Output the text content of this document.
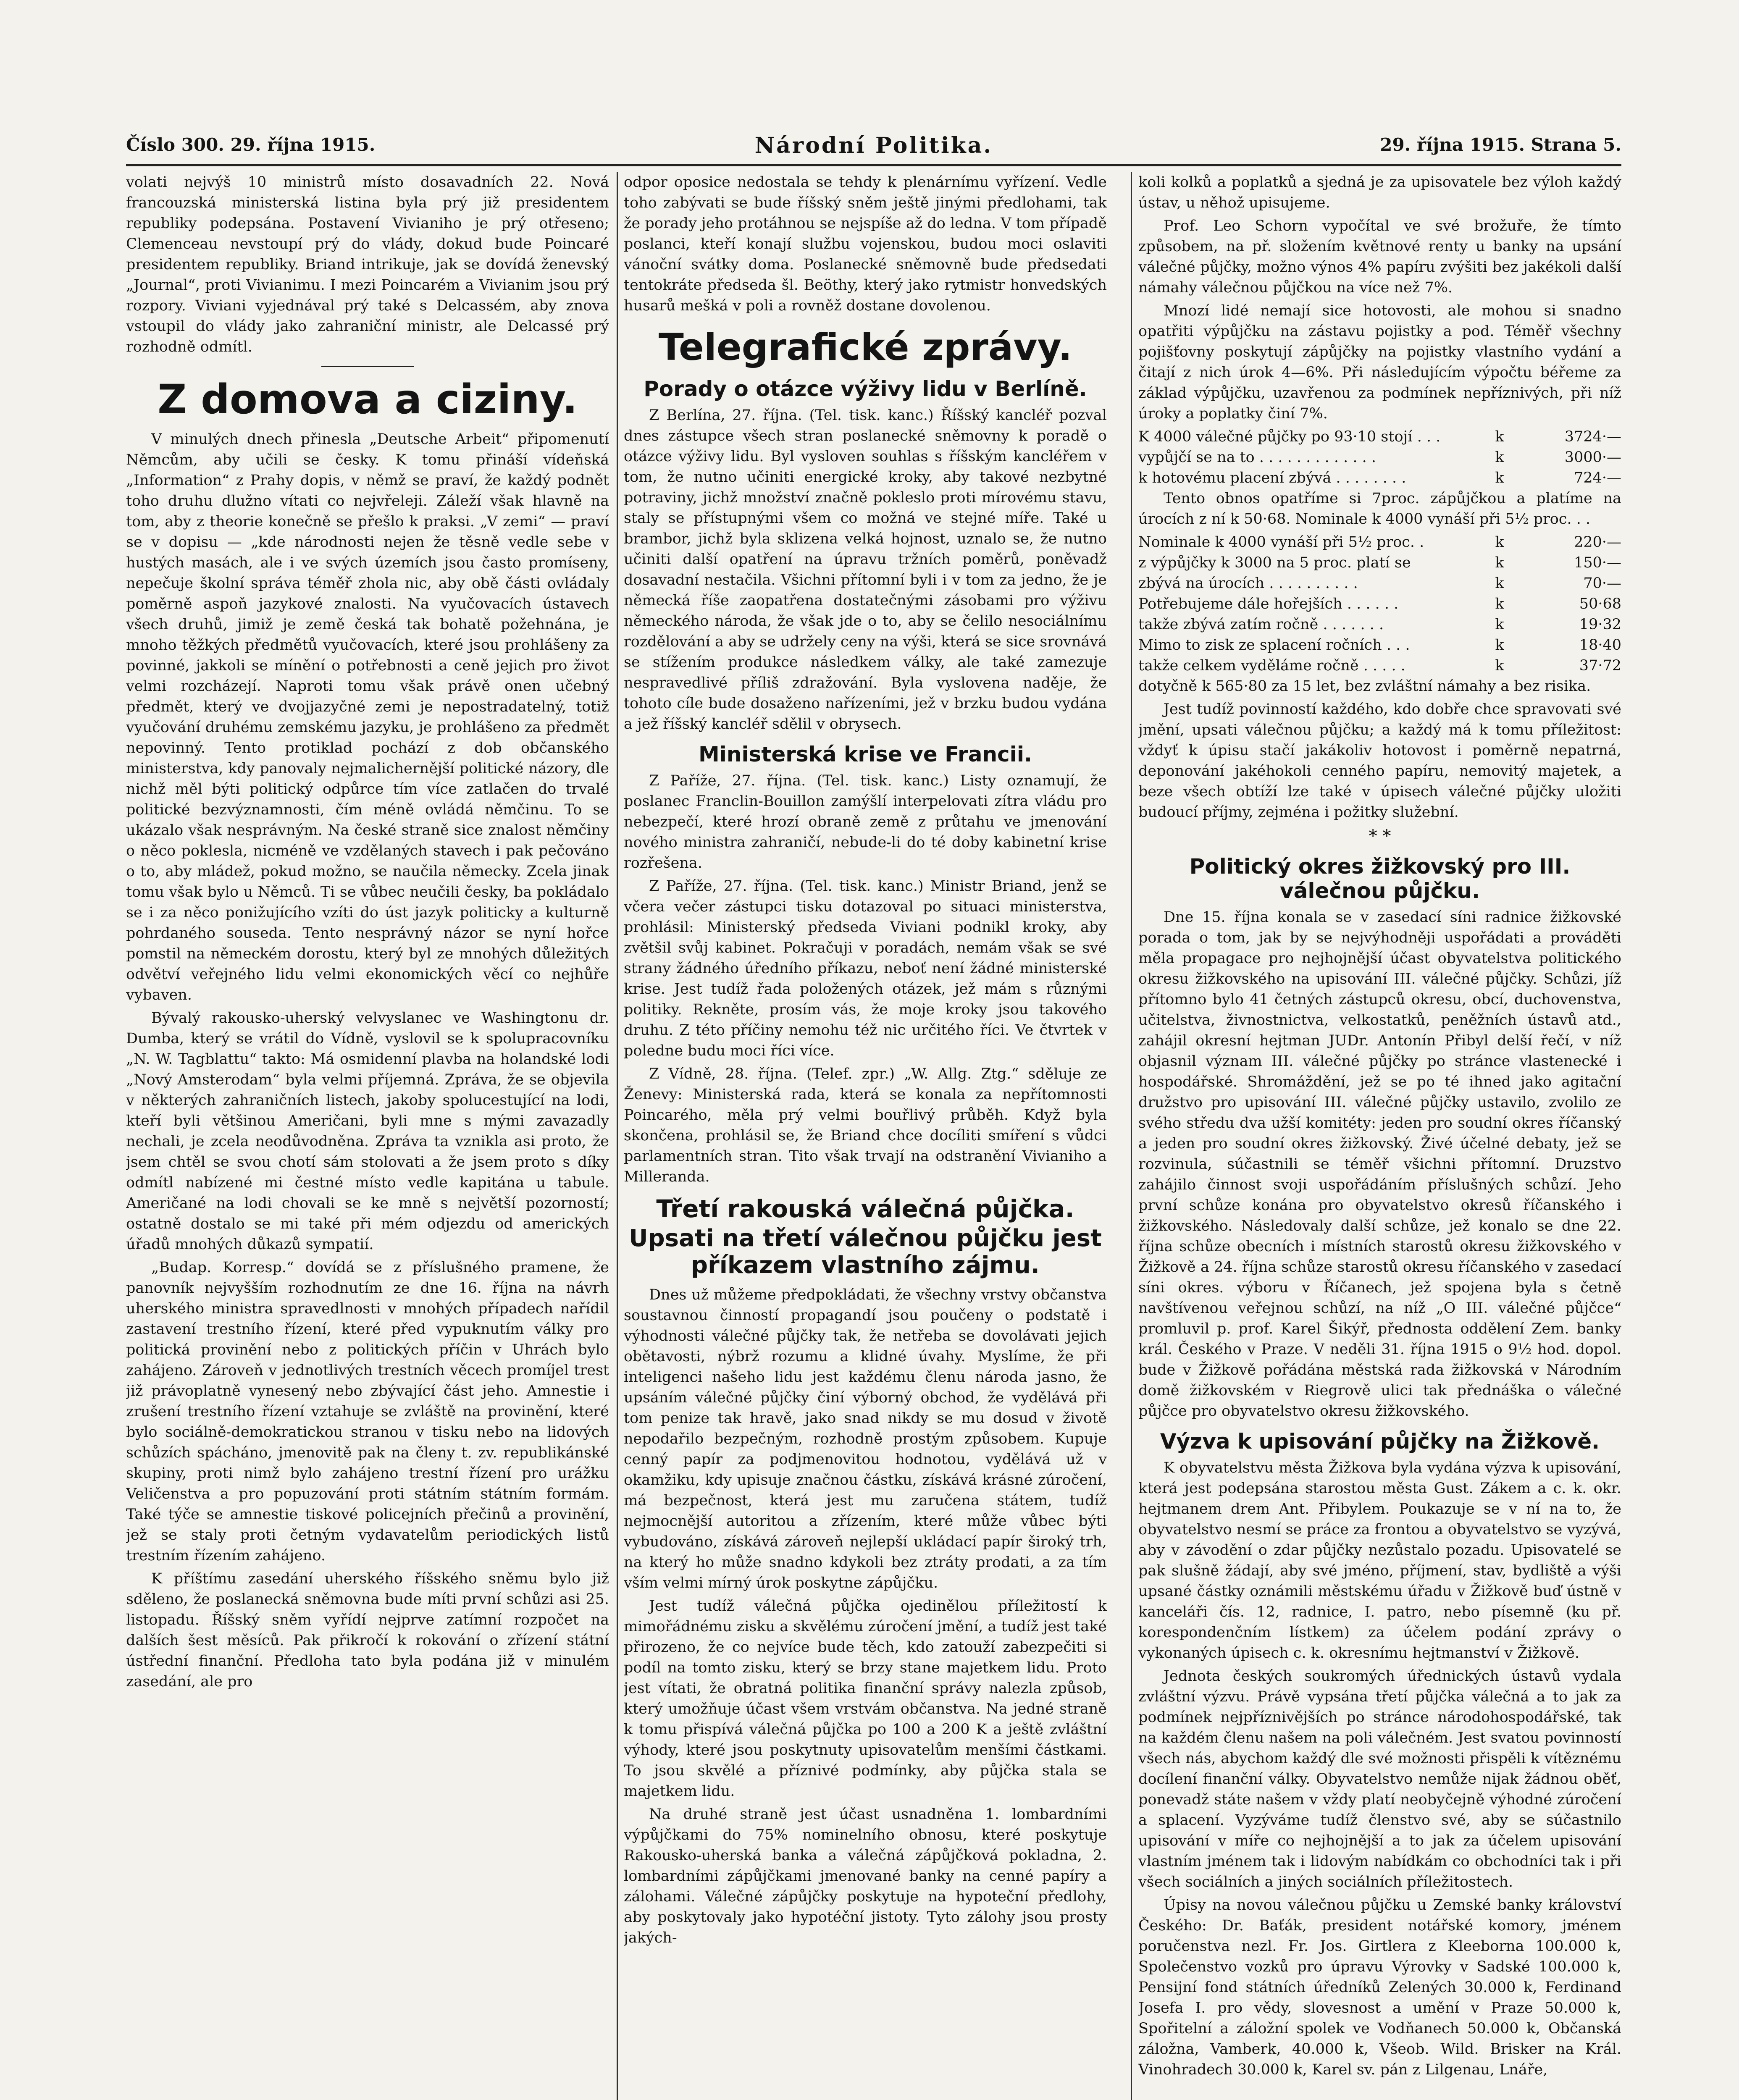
Číslo 300. 29. října 1915.	Národní Politika.	29. října 1915. Strana 5.

volati nejvýš 10 ministrů místo dosavadních 22. Nová francouzská ministerská listina byla prý již presidentem republiky podepsána. Postavení Vivianiho je prý otřeseno; Clemenceau nevstoupí prý do vlády, dokud bude Poincaré presidentem republiky. Briand intrikuje, jak se dovídá ženevský „Journal“, proti Vivianimu. I mezi Poincarém a Vivianim jsou prý rozpory. Viviani vyjednával prý také s Delcassém, aby znova vstoupil do vlády jako zahraniční ministr, ale Delcassé prý rozhodně odmítl.

Z domova a ciziny.

V minulých dnech přinesla „Deutsche Arbeit“ připomenutí Němcům, aby učili se česky. K tomu přináší vídeňská „Information“ z Prahy dopis, v němž se praví, že každý podnět toho druhu dlužno vítati co nejvřeleji. Záleží však hlavně na tom, aby z theorie konečně se přešlo k praksi. „V zemi“ — praví se v dopisu — „kde národnosti nejen že těsně vedle sebe v hustých masách, ale i ve svých územích jsou často promíseny, nepečuje školní správa téměř zhola nic, aby obě části ovládaly poměrně aspoň jazykové znalosti. Na vyučovacích ústavech všech druhů, jimiž je země česká tak bohatě požehnána, je mnoho těžkých předmětů vyučovacích, které jsou prohlášeny za povinné, jakkoli se mínění o potřebnosti a ceně jejich pro život velmi rozcházejí. Naproti tomu však právě onen učebný předmět, který ve dvojjazyčné zemi je nepostradatelný, totiž vyučování druhému zemskému jazyku, je prohlášeno za předmět nepovinný. Tento protiklad pochází z dob občanského ministerstva, kdy panovaly nejmalichernější politické názory, dle nichž měl býti politický odpůrce tím více zatlačen do trvalé politické bezvýznamnosti, čím méně ovládá němčinu. To se ukázalo však nesprávným. Na české straně sice znalost němčiny o něco poklesla, nicméně ve vzdělaných stavech i pak pečováno o to, aby mládež, pokud možno, se naučila německy. Zcela jinak tomu však bylo u Němců. Ti se vůbec neučili česky, ba pokládalo se i za něco ponižujícího vzíti do úst jazyk politicky a kulturně pohrdaného souseda. Tento nesprávný názor se nyní hořce pomstil na německém dorostu, který byl ze mnohých důležitých odvětví veřejného lidu velmi ekonomických věcí co nejhůře vybaven.

Bývalý rakousko-uherský velvyslanec ve Washingtonu dr. Dumba, který se vrátil do Vídně, vyslovil se k spolupracovníku „N. W. Tagblattu“ takto: Má osmidenní plavba na holandské lodi „Nový Amsterodam“ byla velmi příjemná. Zpráva, že se objevila v některých zahraničních listech, jakoby spolucestující na lodi, kteří byli většinou Američani, byli mne s mými zavazadly nechali, je zcela neodůvodněna. Zpráva ta vznikla asi proto, že jsem chtěl se svou chotí sám stolovati a že jsem proto s díky odmítl nabízené mi čestné místo vedle kapitána u tabule. Američané na lodi chovali se ke mně s největší pozorností; ostatně dostalo se mi také při mém odjezdu od amerických úřadů mnohých důkazů sympatií.

„Budap. Korresp.“ dovídá se z příslušného pramene, že panovník nejvyšším rozhodnutím ze dne 16. října na návrh uherského ministra spravedlnosti v mnohých případech nařídil zastavení trestního řízení, které před vypuknutím války pro politická provinění nebo z politických příčin v Uhrách bylo zahájeno. Zároveň v jednotlivých trestních věcech promíjel trest již právoplatně vynesený nebo zbývající část jeho. Amnestie i zrušení trestního řízení vztahuje se zvláště na provinění, které bylo sociálně-demokratickou stranou v tisku nebo na lidových schůzích spácháno, jmenovitě pak na členy t. zv. republikánské skupiny, proti nimž bylo zahájeno trestní řízení pro urážku Veličenstva a pro popuzování proti státním státním formám. Také týče se amnestie tiskové policejních přečinů a provinění, jež se staly proti četným vydavatelům periodických listů trestním řízením zahájeno.

K příštímu zasedání uherského říšského sněmu bylo již sděleno, že poslanecká sněmovna bude míti první schůzi asi 25. listopadu. Říšský sněm vyřídí nejprve zatímní rozpočet na dalších šest měsíců. Pak přikročí k rokování o zřízení státní ústřední finanční. Předloha tato byla podána již v minulém zasedání, ale pro

odpor oposice nedostala se tehdy k plenárnímu vyřízení. Vedle toho zabývati se bude říšský sněm ještě jinými předlohami, tak že porady jeho protáhnou se nejspíše až do ledna. V tom případě poslanci, kteří konají službu vojenskou, budou moci oslaviti vánoční svátky doma. Poslanecké sněmovně bude předsedati tentokráte předseda šl. Beöthy, který jako rytmistr honvedských husarů mešká v poli a rovněž dostane dovolenou.

Telegrafické zprávy.
Porady o otázce výživy lidu v Berlíně.

Z Berlína, 27. října. (Tel. tisk. kanc.) Říšský kancléř pozval dnes zástupce všech stran poslanecké sněmovny k poradě o otázce výživy lidu. Byl vysloven souhlas s říšským kancléřem v tom, že nutno učiniti energické kroky, aby takové nezbytné potraviny, jichž množství značně pokleslo proti mírovému stavu, staly se přístupnými všem co možná ve stejné míře. Také u brambor, jichž byla sklizena velká hojnost, uznalo se, že nutno učiniti další opatření na úpravu tržních poměrů, poněvadž dosavadní nestačila. Všichni přítomní byli i v tom za jedno, že je německá říše zaopatřena dostatečnými zásobami pro výživu německého národa, že však jde o to, aby se čelilo nesociálnímu rozdělování a aby se udržely ceny na výši, která se sice srovnává se stížením produkce následkem války, ale také zamezuje nespravedlivé příliš zdražování. Byla vyslovena naděje, že tohoto cíle bude dosaženo nařízeními, jež v brzku budou vydána a jež říšský kancléř sdělil v obrysech.

Ministerská krise ve Francii.

Z Paříže, 27. října. (Tel. tisk. kanc.) Listy oznamují, že poslanec Franclin-Bouillon zamýšlí interpelovati zítra vládu pro nebezpečí, které hrozí obraně země z průtahu ve jmenování nového ministra zahraničí, nebude-li do té doby kabinetní krise rozřešena.

Z Paříže, 27. října. (Tel. tisk. kanc.) Ministr Briand, jenž se včera večer zástupci tisku dotazoval po situaci ministerstva, prohlásil: Ministerský předseda Viviani podnikl kroky, aby zvětšil svůj kabinet. Pokračuji v poradách, nemám však se své strany žádného úředního příkazu, neboť není žádné ministerské krise. Jest tudíž řada položených otázek, jež mám s různými politiky. Rekněte, prosím vás, že moje kroky jsou takového druhu. Z této příčiny nemohu též nic určitého říci. Ve čtvrtek v poledne budu moci říci více.

Z Vídně, 28. října. (Telef. zpr.) „W. Allg. Ztg.“ sděluje ze Ženevy: Ministerská rada, která se konala za nepřítomnosti Poincarého, měla prý velmi bouřlivý průběh. Když byla skončena, prohlásil se, že Briand chce docíliti smíření s vůdci parlamentních stran. Tito však trvají na odstranění Vivianiho a Millerandа.

Třetí rakouská válečná půjčka.
Upsati na třetí válečnou půjčku jest příkazem vlastního zájmu.

Dnes už můžeme předpokládati, že všechny vrstvy občanstva soustavnou činností propagandí jsou poučeny o podstatě i výhodnosti válečné půjčky tak, že netřeba se dovolávati jejich obětavosti, nýbrž rozumu a klidné úvahy. Myslíme, že při inteligenci našeho lidu jest každému členu národa jasno, že upsáním válečné půjčky činí výborný obchod, že vydělává při tom penize tak hravě, jako snad nikdy se mu dosud v životě nepodařilo bezpečným, rozhodně prostým způsobem. Kupuje cenný papír za podjmenovitou hodnotou, vydělává už v okamžiku, kdy upisuje značnou částku, získává krásné zúročení, má bezpečnost, která jest mu zaručena státem, tudíž nejmocnější autoritou a zřízením, které může vůbec býti vybudováno, získává zároveň nejlepší ukládací papír široký trh, na který ho může snadno kdykoli bez ztráty prodati, a za tím vším velmi mírný úrok poskytne zápůjčku.

Jest tudíž válečná půjčka ojedinělou příležitostí k mimořádnému zisku a skvělému zúročení jmění, a tudíž jest také přirozeno, že co nejvíce bude těch, kdo zatouží zabezpečiti si podíl na tomto zisku, který se brzy stane majetkem lidu. Proto jest vítati, že obratná politika finanční správy nalezla způsob, který umožňuje účast všem vrstvám občanstva. Na jedné straně k tomu přispívá válečná půjčka po 100 a 200 K a ještě zvláštní výhody, které jsou poskytnuty upisovatelům menšími částkami. To jsou skvělé a příznivé podmínky, aby půjčka stala se majetkem lidu.

Na druhé straně jest účast usnadněna 1. lombardními výpůjčkami do 75% nominelního obnosu, které poskytuje Rakousko-uherská banka a válečná zápůjčková pokladna, 2. lombardními zápůjčkami jmenované banky na cenné papíry a zálohami. Válečné zápůjčky poskytuje na hypoteční předlohy, aby poskytovaly jako hypotéční jistoty. Tyto zálohy jsou prosty jakých-

koli kolků a poplatků a sjedná je za upisovatele bez výloh každý ústav, u něhož upisujeme.

Prof. Leo Schorn vypočítal ve své brožuře, že tímto způsobem, na př. složením květnové renty u banky na upsání válečné půjčky, možno výnos 4% papíru zvýšiti bez jakékoli další námahy válečnou půjčkou na více než 7%.

Mnozí lidé nemají sice hotovosti, ale mohou si snadno opatřiti výpůjčku na zástavu pojistky a pod. Téměř všechny pojišťovny poskytují zápůjčky na pojistky vlastního vydání a čitají z nich úrok 4—6%. Při následujícím výpočtu béřeme za základ výpůjčku, uzavřenou za podmínek nepříznivých, při níž úroky a poplatky činí 7%.

K 4000 válečné půjčky po 93·10 stojí . . .	k	3724·—
vypůjčí se na to . . . . . . . . . . . . .	k	3000·—
k hotovému placení zbývá . . . . . . . .	k	724·—

Tento obnos opatříme si 7proc. zápůjčkou a platíme na úrocích z ní k 50·68. Nominale k 4000 vynáší při 5½ proc. . .

Nominale k 4000 vynáší při 5½ proc. .	k	220·—
z výpůjčky k 3000 na 5 proc. platí se	k	150·—
zbývá na úrocích . . . . . . . . . .	k	70·—
Potřebujeme dále hořejších . . . . . .	k	50·68
takže zbývá zatím ročně . . . . . . .	k	19·32
Mimo to zisk ze splacení ročních . . .	k	18·40
takže celkem vyděláme ročně . . . . .	k	37·72

dotyčně k 565·80 za 15 let, bez zvláštní námahy a bez risika.

Jest tudíž povinností každého, kdo dobře chce spravovati své jmění, upsati válečnou půjčku; a každý má k tomu příležitost: vždyť k úpisu stačí jakákoliv hotovost i poměrně nepatrná, deponování jakéhokoli cenného papíru, nemovitý majetek, a beze všech obtíží lze také v úpisech válečné půjčky uložiti budoucí příjmy, zejména i požitky služební.

* *
Politický okres žižkovský pro III. válečnou půjčku.

Dne 15. října konala se v zasedací síni radnice žižkovské porada o tom, jak by se nejvýhodněji uspořádati a prováděti měla propagace pro nejhojnější účast obyvatelstva politického okresu žižkovského na upisování III. válečné půjčky. Schůzi, jíž přítomno bylo 41 četných zástupců okresu, obcí, duchovenstva, učitelstva, živnostnictva, velkostatků, peněžních ústavů atd., zahájil okresní hejtman JUDr. Antonín Přibyl delší řečí, v níž objasnil význam III. válečné půjčky po stránce vlastenecké i hospodářské. Shromáždění, jež se po té ihned jako agitační družstvo pro upisování III. válečné půjčky ustavilo, zvolilo ze svého středu dva užší komitéty: jeden pro soudní okres říčanský a jeden pro soudní okres žižkovský. Živé účelné debaty, jež se rozvinula, súčastnili se téměř všichni přítomní. Druzstvo zahájilo činnost svoji uspořádáním příslušných schůzí. Jeho první schůze konána pro obyvatelstvo okresů říčanského i žižkovského. Následovaly další schůze, jež konalo se dne 22. října schůze obecních i místních starostů okresu žižkovského v Žižkově a 24. října schůze starostů okresu říčanského v zasedací síni okres. výboru v Říčanech, jež spojena byla s četně navštívenou veřejnou schůzí, na níž „O III. válečné půjčce“ promluvil p. prof. Karel Šikýř, přednosta oddělení Zem. banky král. Českého v Praze. V neděli 31. října 1915 o 9½ hod. dopol. bude v Žižkově pořádána městská rada žižkovská v Národním domě žižkovském v Riegrově ulici tak přednáška o válečné půjčce pro obyvatelstvo okresu žižkovského.

Výzva k upisování půjčky na Žižkově.

K obyvatelstvu města Žižkova byla vydána výzva k upisování, která jest podepsána starostou města Gust. Zákem a c. k. okr. hejtmanem drem Ant. Přibylem. Poukazuje se v ní na to, že obyvatelstvo nesmí se práce za frontou a obyvatelstvo se vyzývá, aby v závodění o zdar půjčky nezůstalo pozadu. Upisovatelé se pak slušně žádají, aby své jméno, příjmení, stav, bydliště a výši upsané částky oznámili městskému úřadu v Žižkově buď ústně v kanceláři čís. 12, radnice, I. patro, nebo písemně (ku př. korespondenčním lístkem) za účelem podání zprávy o vykonaných úpisech c. k. okresnímu hejtmanství v Žižkově.

Jednota českých soukromých úřednických ústavů vydala zvláštní výzvu. Právě vypsána třetí půjčka válečná a to jak za podmínek nejpříznivějších po stránce národohospodářské, tak na každém členu našem na poli válečném. Jest svatou povinností všech nás, abychom každý dle své možnosti přispěli k vítěznému docílení finanční války. Obyvatelstvo nemůže nijak žádnou oběť, ponevadž státe našem v vždy platí neobyčejně výhodné zúročení a splacení. Vyzýváme tudíž členstvo své, aby se súčastnilo upisování v míře co nejhojnější a to jak za účelem upisování vlastním jménem tak i lidovým nabídkám co obchodníci tak i při všech sociálních a jiných sociálních příležitostech.

Úpisy na novou válečnou půjčku u Zemské banky království Českého: Dr. Baťák, president notářské komory, jménem poručenstva nezl. Fr. Jos. Girtlera z Kleeborna 100.000 k, Společenstvo vozků pro úpravu Výrovky v Sadské 100.000 k, Pensijní fond státních úředníků Zelených 30.000 k, Ferdinand Josefa I. pro vědy, slovesnost a umění v Praze 50.000 k, Spořitelní a záložní spolek ve Vodňanech 50.000 k, Občanská záložna, Vamberk, 40.000 k, Všeob. Wild. Brisker na Král. Vinohradech 30.000 k, Karel sv. pán z Lilgenau, Lnáře,
